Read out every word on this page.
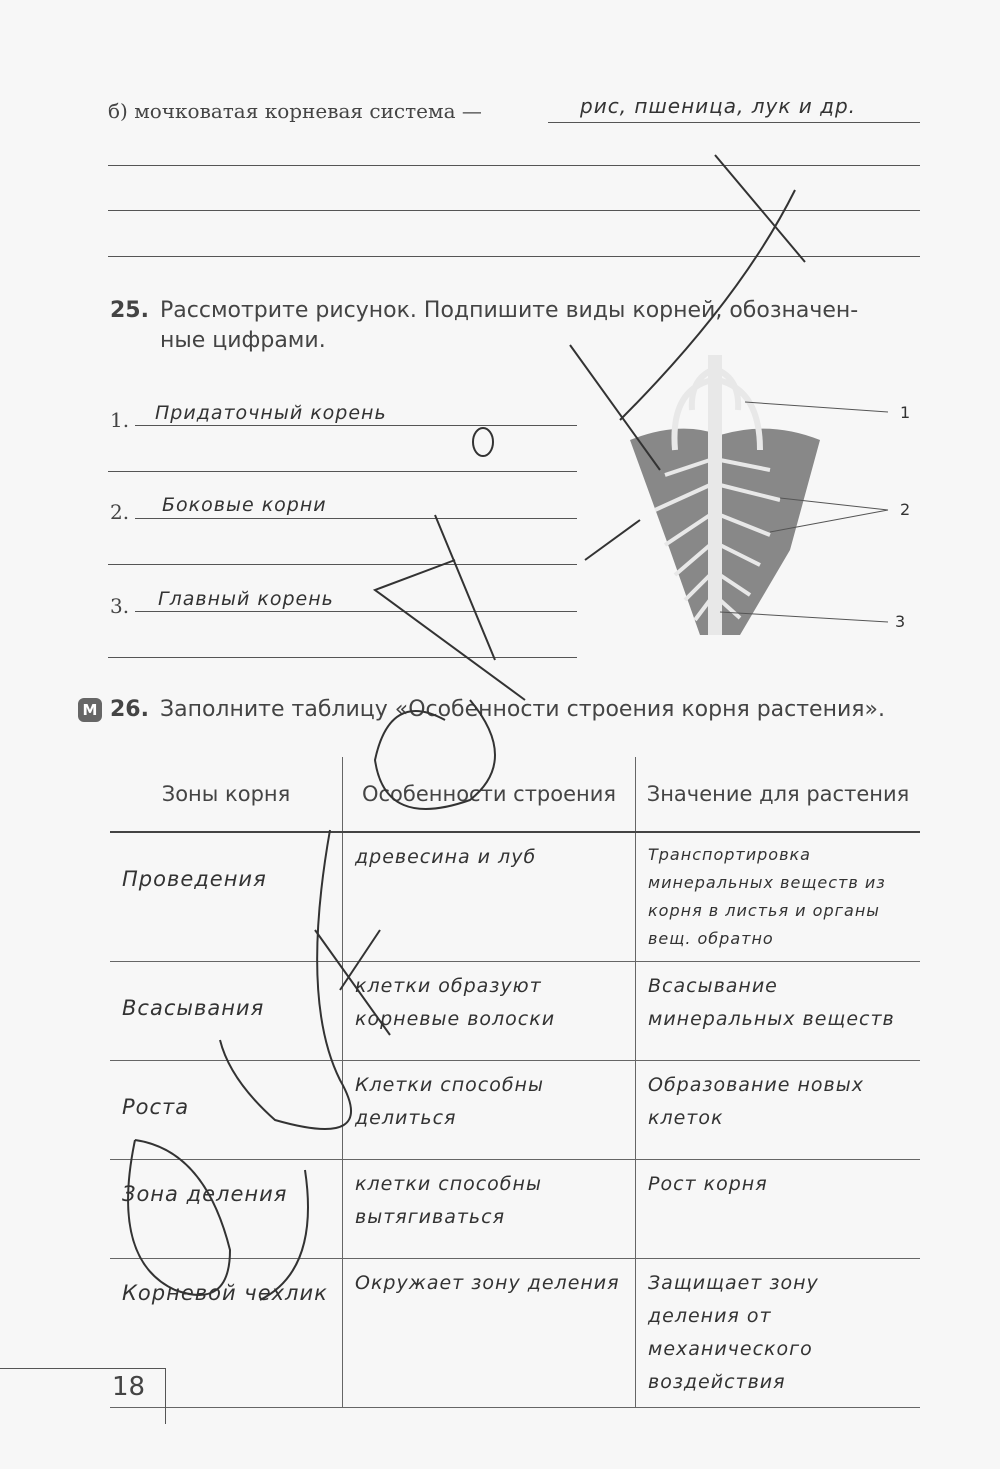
б) мочковатая корневая система —	рис, пшеница, лук и др.
25. Рассмотрите рисунок. Подпишите виды корней, обозначен-
ные цифрами.
1. Придаточный корень
2. Боковые корни
3. Главный корень
1
2
3
M 26. Заполните таблицу «Особенности строения корня растения».
Зоны корня	Особенности строения	Значение для растения

Проведения	древесина и луб	Транспортировка минеральных веществ из корня в листья и органы вещ. обратно

Всасывания	клетки образуют корневые волоски	Всасывание минеральных веществ

Роста	Клетки способны делиться	Образование новых клеток

Зона деления	клетки способны вытягиваться	Рост корня

Корневой чехлик	Окружает зону деления	Защищает зону деления от механического воздействия
18
